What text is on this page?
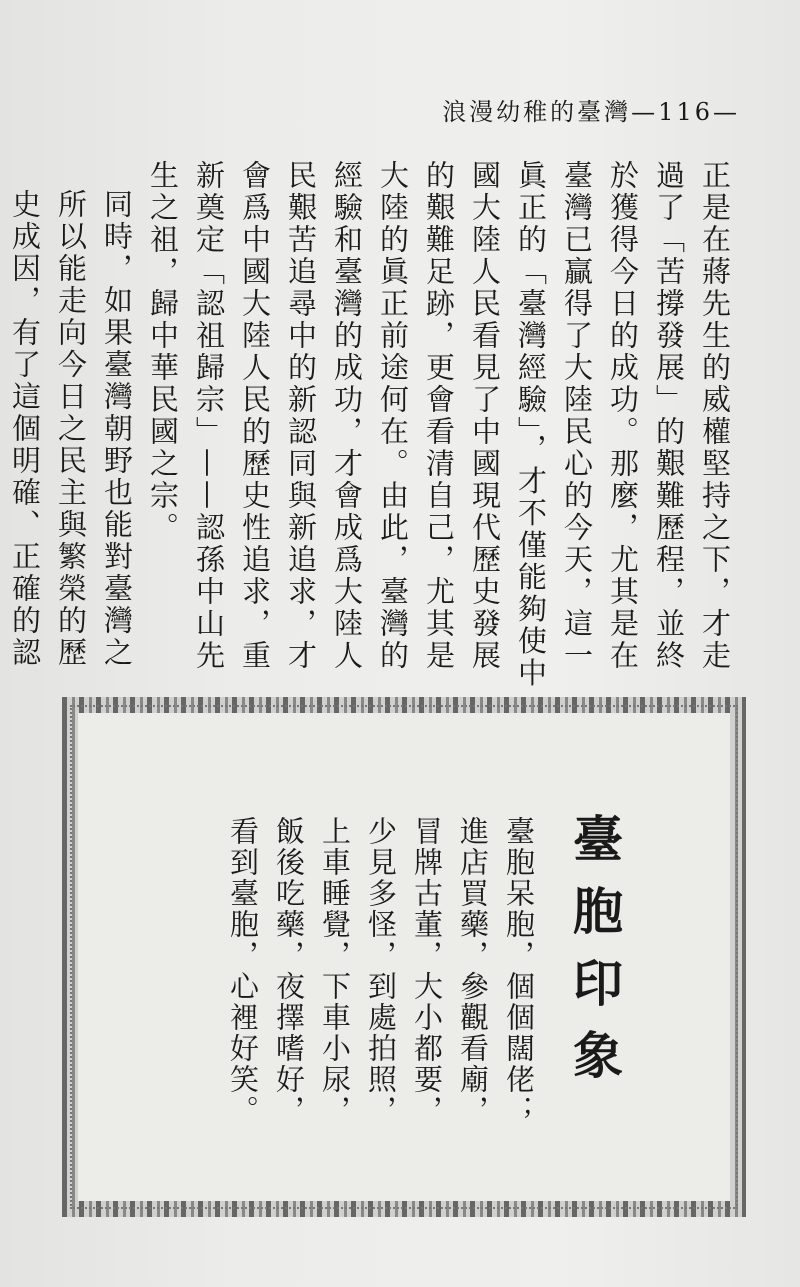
浪漫幼稚的臺灣—116—

正是在蔣先生的威權堅持之下，才走過了「苦撐發展」的艱難歷程，並終於獲得今日的成功。那麼，尤其是在臺灣已贏得了大陸民心的今天，這一眞正的「臺灣經驗」，才不僅能夠使中國大陸人民看見了中國現代歷史發展的艱難足跡，更會看清自己，尤其是大陸的眞正前途何在。由此，臺灣的經驗和臺灣的成功，才會成爲大陸人民艱苦追尋中的新認同與新追求，才會爲中國大陸人民的歷史性追求，重新奠定「認祖歸宗」——認孫中山先生之祖，歸中華民國之宗。

同時，如果臺灣朝野也能對臺灣之所以能走向今日之民主與繁榮的歷史成因，有了這個明確、正確的認

臺胞印象

臺胞呆胞，個個闊佬；

進店買藥，參觀看廟，

冒牌古董，大小都要，

少見多怪，到處拍照，

上車睡覺，下車小尿，

飯後吃藥，夜擇嗜好，

看到臺胞，心裡好笑。
